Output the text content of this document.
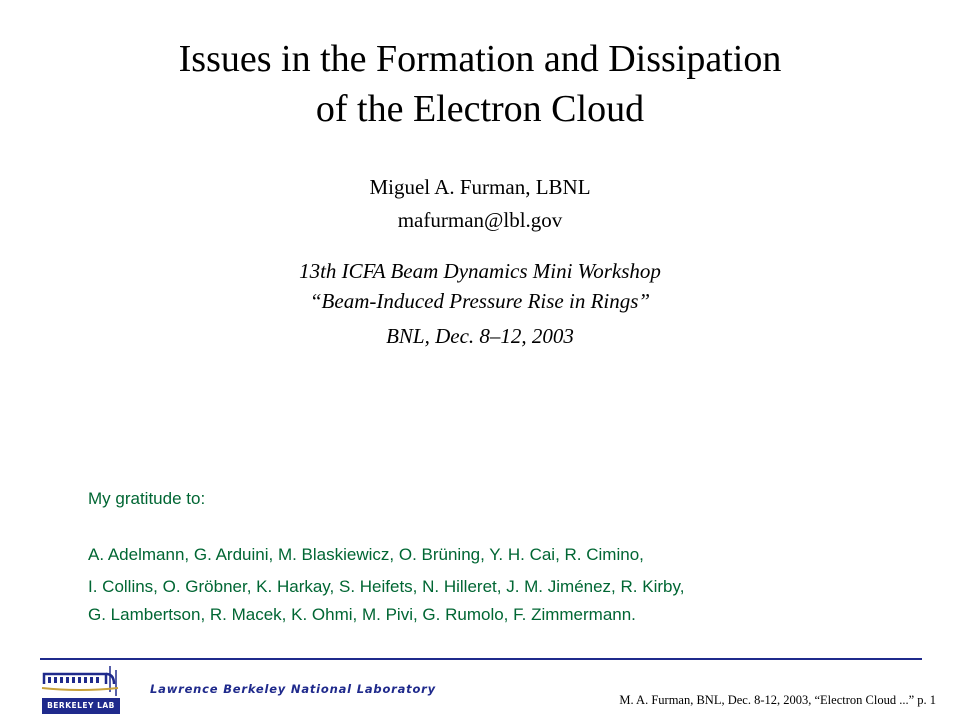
Issues in the Formation and Dissipation
of the Electron Cloud
Miguel A. Furman, LBNL
mafurman@lbl.gov
13th ICFA Beam Dynamics Mini Workshop
“Beam-Induced Pressure Rise in Rings”
BNL, Dec. 8–12, 2003
My gratitude to:
A. Adelmann, G. Arduini, M. Blaskiewicz, O. Brüning, Y. H. Cai, R. Cimino,
I. Collins, O. Gröbner, K. Harkay, S. Heifets, N. Hilleret, J. M. Jiménez, R. Kirby,
G. Lambertson, R. Macek, K. Ohmi, M. Pivi, G. Rumolo, F. Zimmermann.
BERKELEY LAB
Lawrence Berkeley National Laboratory
M. A. Furman, BNL, Dec. 8-12, 2003, “Electron Cloud ...” p. 1
